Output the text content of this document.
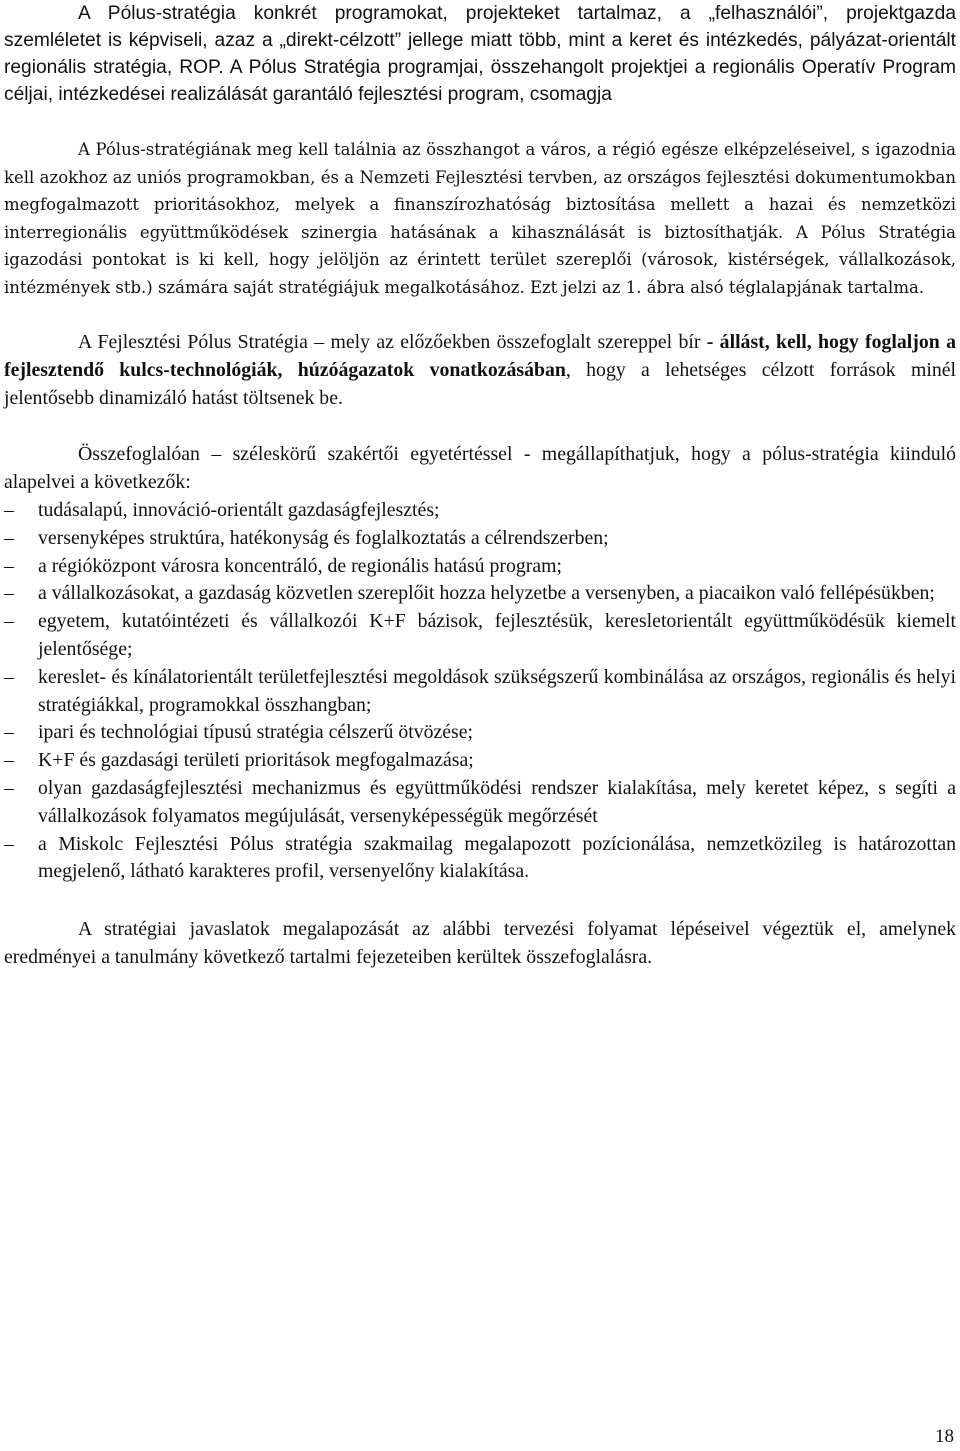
A Pólus-stratégia konkrét programokat, projekteket tartalmaz, a „felhasználói”, projektgazda szemléletet is képviseli, azaz a „direkt-célzott” jellege miatt több, mint a keret és intézkedés, pályázat-orientált regionális stratégia, ROP. A Pólus Stratégia programjai, összehangolt projektjei a regionális Operatív Program céljai, intézkedései realizálását garantáló fejlesztési program, csomagja

A Pólus-stratégiának meg kell találnia az összhangot a város, a régió egésze elképzeléseivel, s igazodnia kell azokhoz az uniós programokban, és a Nemzeti Fejlesztési tervben, az országos fejlesztési dokumentumokban megfogalmazott prioritásokhoz, melyek a finanszírozhatóság biztosítása mellett a hazai és nemzetközi interregionális együttműködések szinergia hatásának a kihasználását is biztosíthatják. A Pólus Stratégia igazodási pontokat is ki kell, hogy jelöljön az érintett terület szereplői (városok, kistérségek, vállalkozások, intézmények stb.) számára saját stratégiájuk megalkotásához. Ezt jelzi az 1. ábra alsó téglalapjának tartalma.

A Fejlesztési Pólus Stratégia – mely az előzőekben összefoglalt szereppel bír - állást, kell, hogy foglaljon a fejlesztendő kulcs-technológiák, húzóágazatok vonatkozásában, hogy a lehetséges célzott források minél jelentősebb dinamizáló hatást töltsenek be.

Összefoglalóan – széleskörű szakértői egyetértéssel - megállapíthatjuk, hogy a pólus-stratégia kiinduló alapelvei a következők:

– tudásalapú, innováció-orientált gazdaságfejlesztés;
– versenyképes struktúra, hatékonyság és foglalkoztatás a célrendszerben;
– a régióközpont városra koncentráló, de regionális hatású program;
– a vállalkozásokat, a gazdaság közvetlen szereplőit hozza helyzetbe a versenyben, a piacaikon való fellépésükben;
– egyetem, kutatóintézeti és vállalkozói K+F bázisok, fejlesztésük, keresletorientált együttműködésük kiemelt jelentősége;
– kereslet- és kínálatorientált területfejlesztési megoldások szükségszerű kombinálása az országos, regionális és helyi stratégiákkal, programokkal összhangban;
– ipari és technológiai típusú stratégia célszerű ötvözése;
– K+F és gazdasági területi prioritások megfogalmazása;
– olyan gazdaságfejlesztési mechanizmus és együttműködési rendszer kialakítása, mely keretet képez, s segíti a vállalkozások folyamatos megújulását, versenyképességük megőrzését
– a Miskolc Fejlesztési Pólus stratégia szakmailag megalapozott pozícionálása, nemzetközileg is határozottan megjelenő, látható karakteres profil, versenyelőny kialakítása.

A stratégiai javaslatok megalapozását az alábbi tervezési folyamat lépéseivel végeztük el, amelynek eredményei a tanulmány következő tartalmi fejezeteiben kerültek összefoglalásra.

18
